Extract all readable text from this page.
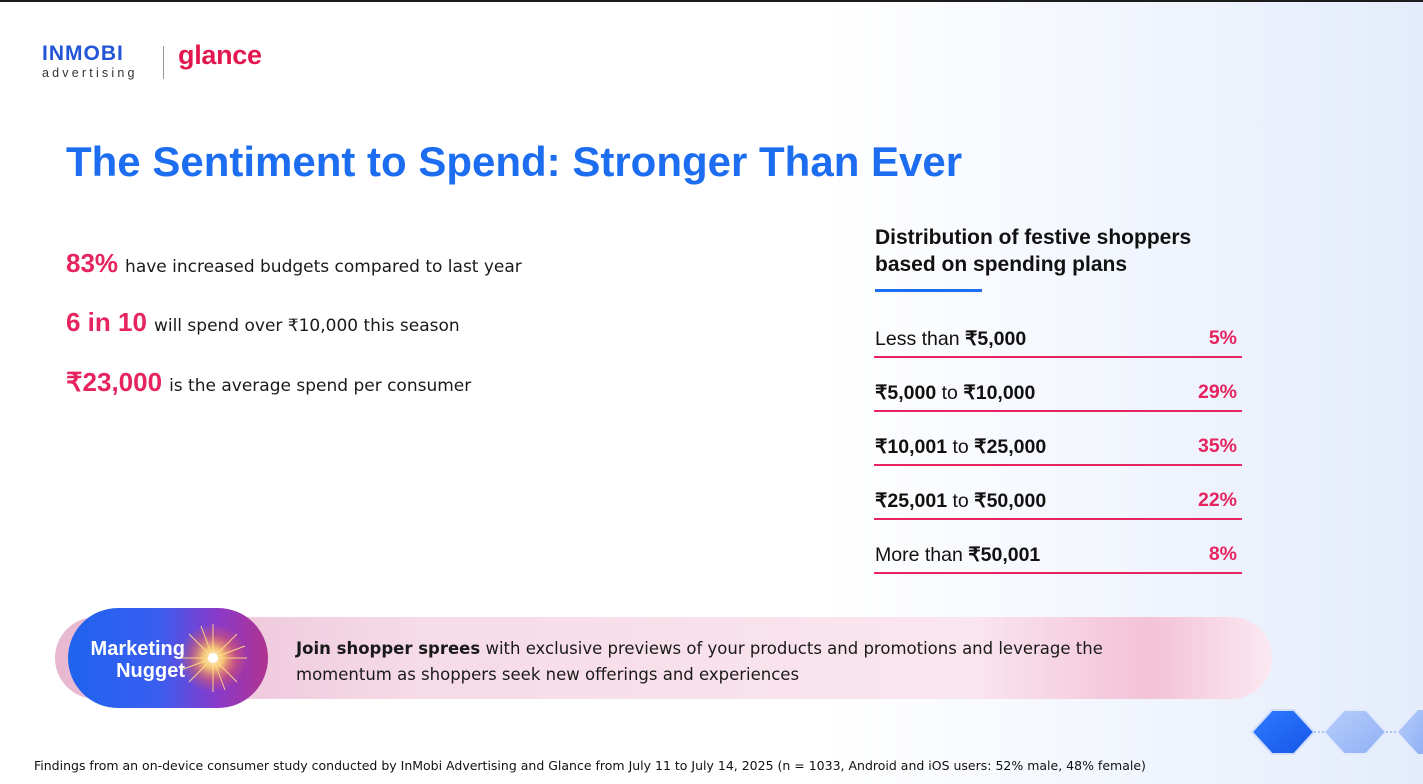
INMOBI
advertising
glance
The Sentiment to Spend: Stronger Than Ever
83% have increased budgets compared to last year
6 in 10 will spend over ₹10,000 this season
₹23,000 is the average spend per consumer
Distribution of festive shoppers based on spending plans
Less than ₹5,000	5%
₹5,000 to ₹10,000	29%
₹10,001 to ₹25,000	35%
₹25,001 to ₹50,000	22%
More than ₹50,001	8%
Marketing
Nugget
Join shopper sprees with exclusive previews of your products and promotions and leverage the momentum as shoppers seek new offerings and experiences
Findings from an on-device consumer study conducted by InMobi Advertising and Glance from July 11 to July 14, 2025 (n = 1033, Android and iOS users: 52% male, 48% female)
